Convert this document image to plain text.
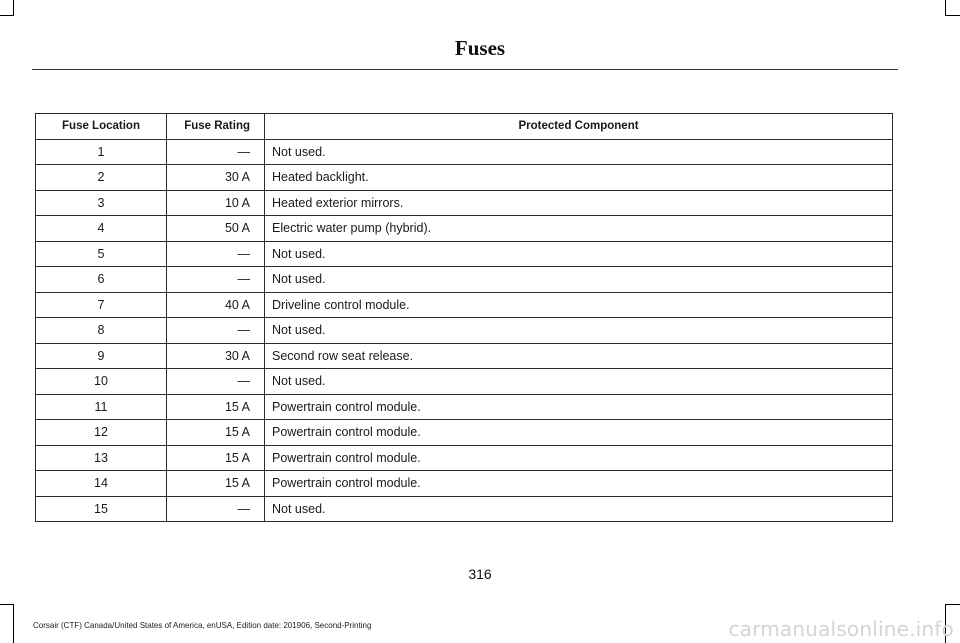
Fuses
Fuse Location	Fuse Rating	Protected Component
1	—	Not used.
2	30 A	Heated backlight.
3	10 A	Heated exterior mirrors.
4	50 A	Electric water pump (hybrid).
5	—	Not used.
6	—	Not used.
7	40 A	Driveline control module.
8	—	Not used.
9	30 A	Second row seat release.
10	—	Not used.
11	15 A	Powertrain control module.
12	15 A	Powertrain control module.
13	15 A	Powertrain control module.
14	15 A	Powertrain control module.
15	—	Not used.
316
Corsair (CTF) Canada/United States of America, enUSA, Edition date: 201906, Second-Printing	carmanualsonline.info
